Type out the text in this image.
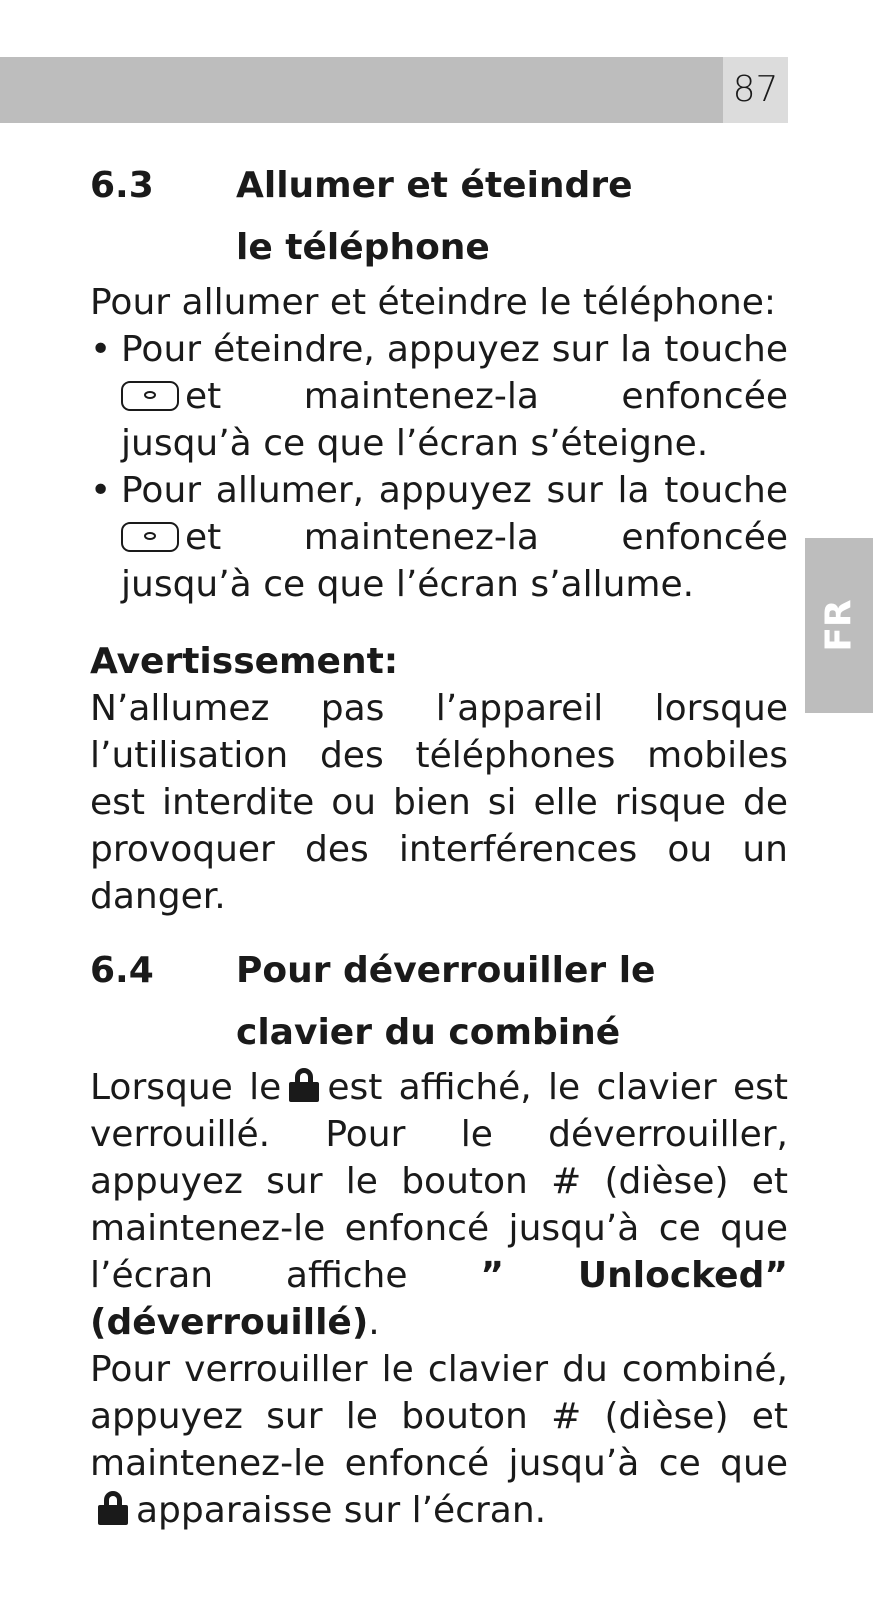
87
FR
6.3	Allumer et éteindre
le téléphone

Pour allumer et éteindre le téléphone:

• Pour éteindre, appuyez sur la touche et maintenez-la enfoncée jusqu’à ce que l’écran s’éteigne.
• Pour allumer, appuyez sur la touche et maintenez-la enfoncée jusqu’à ce que l’écran s’allume.
Avertissement:

N’allumez pas l’appareil lorsque l’utilisation des téléphones mobiles est interdite ou bien si elle risque de provoquer des interférences ou un danger.

6.4	Pour déverrouiller le
clavier du combiné

Lorsque le est affiché, le clavier est verrouillé. Pour le déverrouiller, appuyez sur le bouton # (dièse) et maintenez-le enfoncé jusqu’à ce que l’écran affiche ” Unlocked” (déverrouillé).

Pour verrouiller le clavier du combiné, appuyez sur le bouton # (dièse) et maintenez-le enfoncé jusqu’à ce queapparaisse sur l’écran.
